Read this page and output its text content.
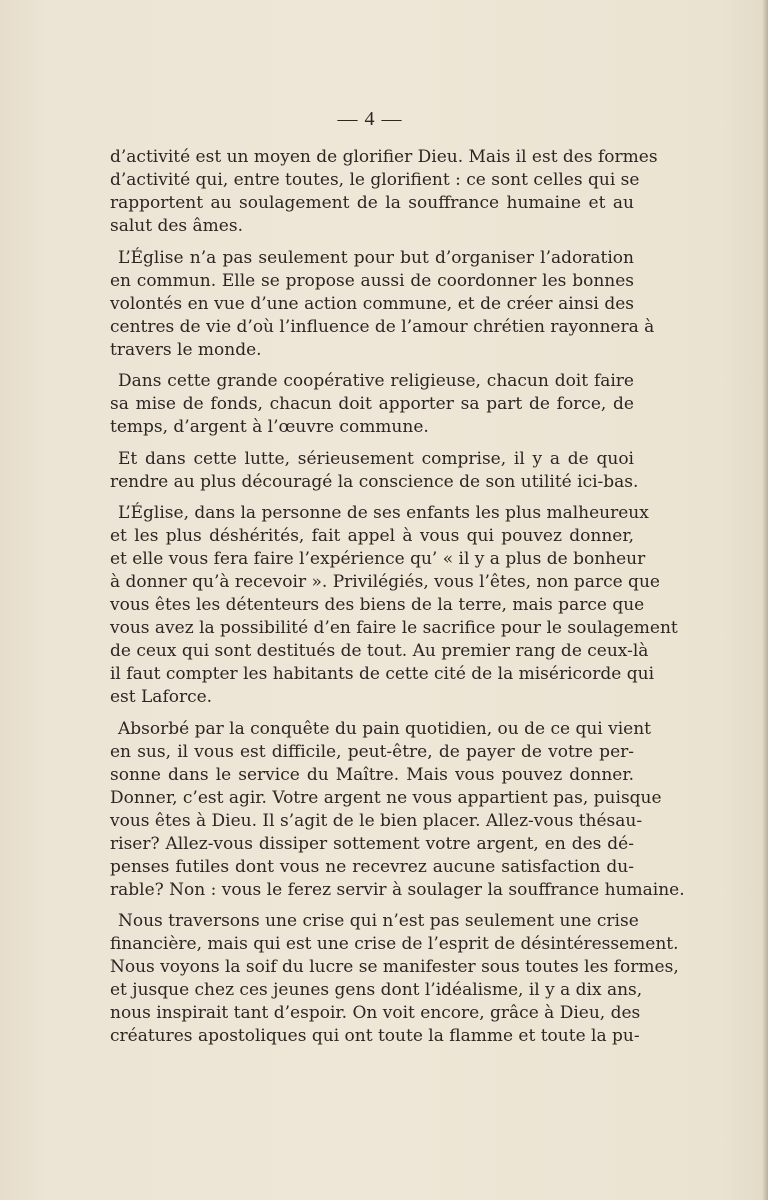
— 4 —
d’activité est un moyen de glorifier Dieu. Mais il est des formes
d’activité qui, entre toutes, le glorifient : ce sont celles qui se
rapportent au soulagement de la souffrance humaine et au
salut des âmes.
L’Église n’a pas seulement pour but d’organiser l’adoration
en commun. Elle se propose aussi de coordonner les bonnes
volontés en vue d’une action commune, et de créer ainsi des
centres de vie d’où l’influence de l’amour chrétien rayonnera à
travers le monde.
Dans cette grande coopérative religieuse, chacun doit faire
sa mise de fonds, chacun doit apporter sa part de force, de
temps, d’argent à l’œuvre commune.
Et dans cette lutte, sérieusement comprise, il y a de quoi
rendre au plus découragé la conscience de son utilité ici-bas.
L’Église, dans la personne de ses enfants les plus malheureux
et les plus déshérités, fait appel à vous qui pouvez donner,
et elle vous fera faire l’expérience qu’ « il y a plus de bonheur
à donner qu’à recevoir ». Privilégiés, vous l’êtes, non parce que
vous êtes les détenteurs des biens de la terre, mais parce que
vous avez la possibilité d’en faire le sacrifice pour le soulagement
de ceux qui sont destitués de tout. Au premier rang de ceux-là
il faut compter les habitants de cette cité de la miséricorde qui
est Laforce.
Absorbé par la conquête du pain quotidien, ou de ce qui vient
en sus, il vous est difficile, peut-être, de payer de votre per-
sonne dans le service du Maître. Mais vous pouvez donner.
Donner, c’est agir. Votre argent ne vous appartient pas, puisque
vous êtes à Dieu. Il s’agit de le bien placer. Allez-vous thésau-
riser? Allez-vous dissiper sottement votre argent, en des dé-
penses futiles dont vous ne recevrez aucune satisfaction du-
rable? Non : vous le ferez servir à soulager la souffrance humaine.
Nous traversons une crise qui n’est pas seulement une crise
financière, mais qui est une crise de l’esprit de désintéressement.
Nous voyons la soif du lucre se manifester sous toutes les formes,
et jusque chez ces jeunes gens dont l’idéalisme, il y a dix ans,
nous inspirait tant d’espoir. On voit encore, grâce à Dieu, des
créatures apostoliques qui ont toute la flamme et toute la pu-
